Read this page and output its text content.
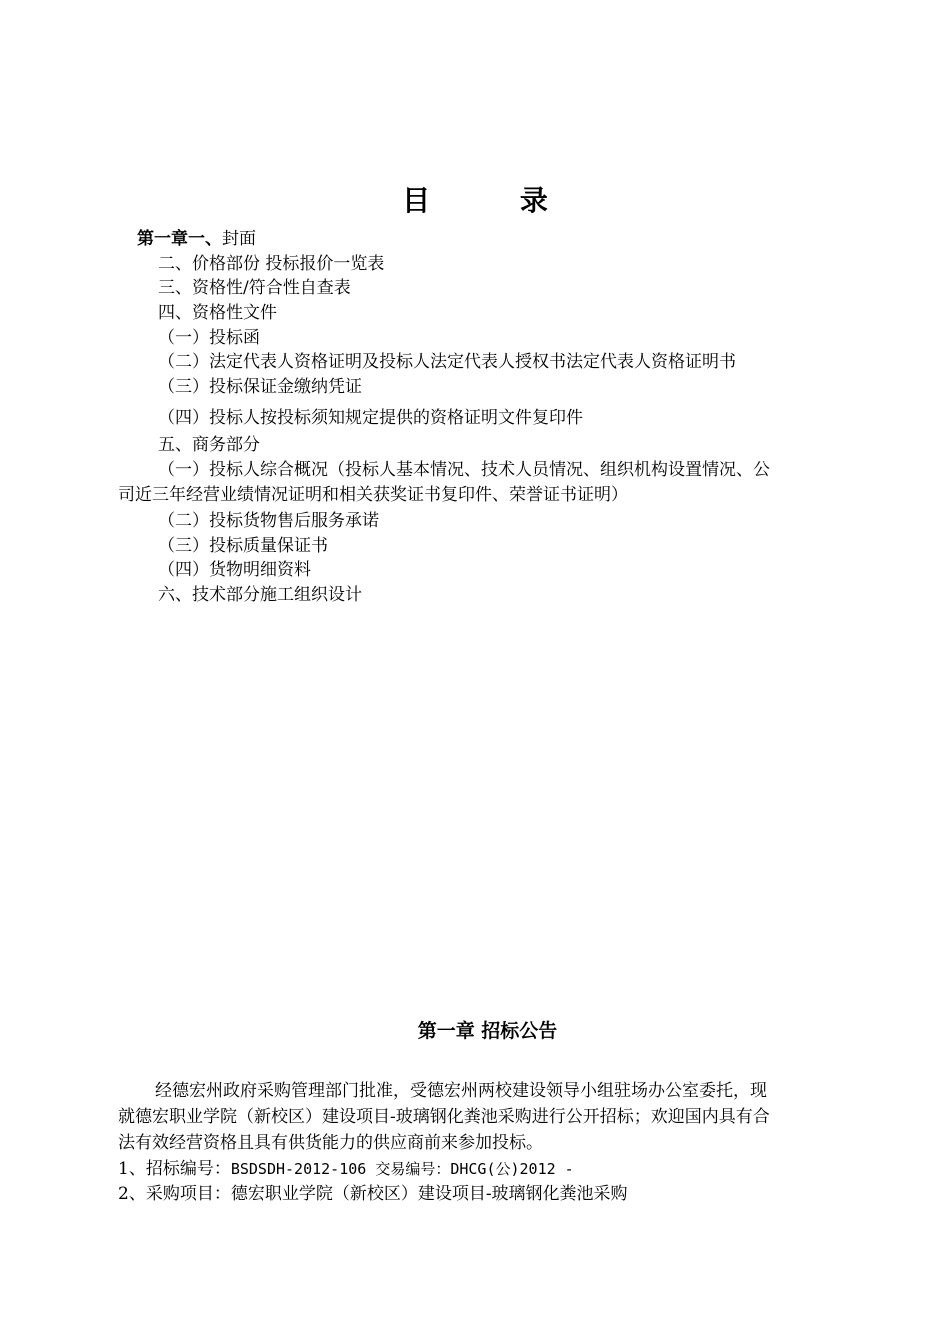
目 录
第一章一、封面
二、价格部份 投标报价一览表
三、资格性/符合性自查表
四、资格性文件
（一）投标函
（二）法定代表人资格证明及投标人法定代表人授权书法定代表人资格证明书
（三）投标保证金缴纳凭证
（四）投标人按投标须知规定提供的资格证明文件复印件
五、商务部分
（一）投标人综合概况（投标人基本情况、技术人员情况、组织机构设置情况、公
司近三年经营业绩情况证明和相关获奖证书复印件、荣誉证书证明）
（二）投标货物售后服务承诺
（三）投标质量保证书
（四）货物明细资料
六、技术部分施工组织设计
第一章 招标公告
经德宏州政府采购管理部门批准，受德宏州两校建设领导小组驻场办公室委托，现
就德宏职业学院（新校区）建设项目-玻璃钢化粪池采购进行公开招标；欢迎国内具有合
法有效经营资格且具有供货能力的供应商前来参加投标。
1、招标编号：BSDSDH-2012-106 交易编号：DHCG(公)2012 -
2、采购项目：德宏职业学院（新校区）建设项目-玻璃钢化粪池采购
